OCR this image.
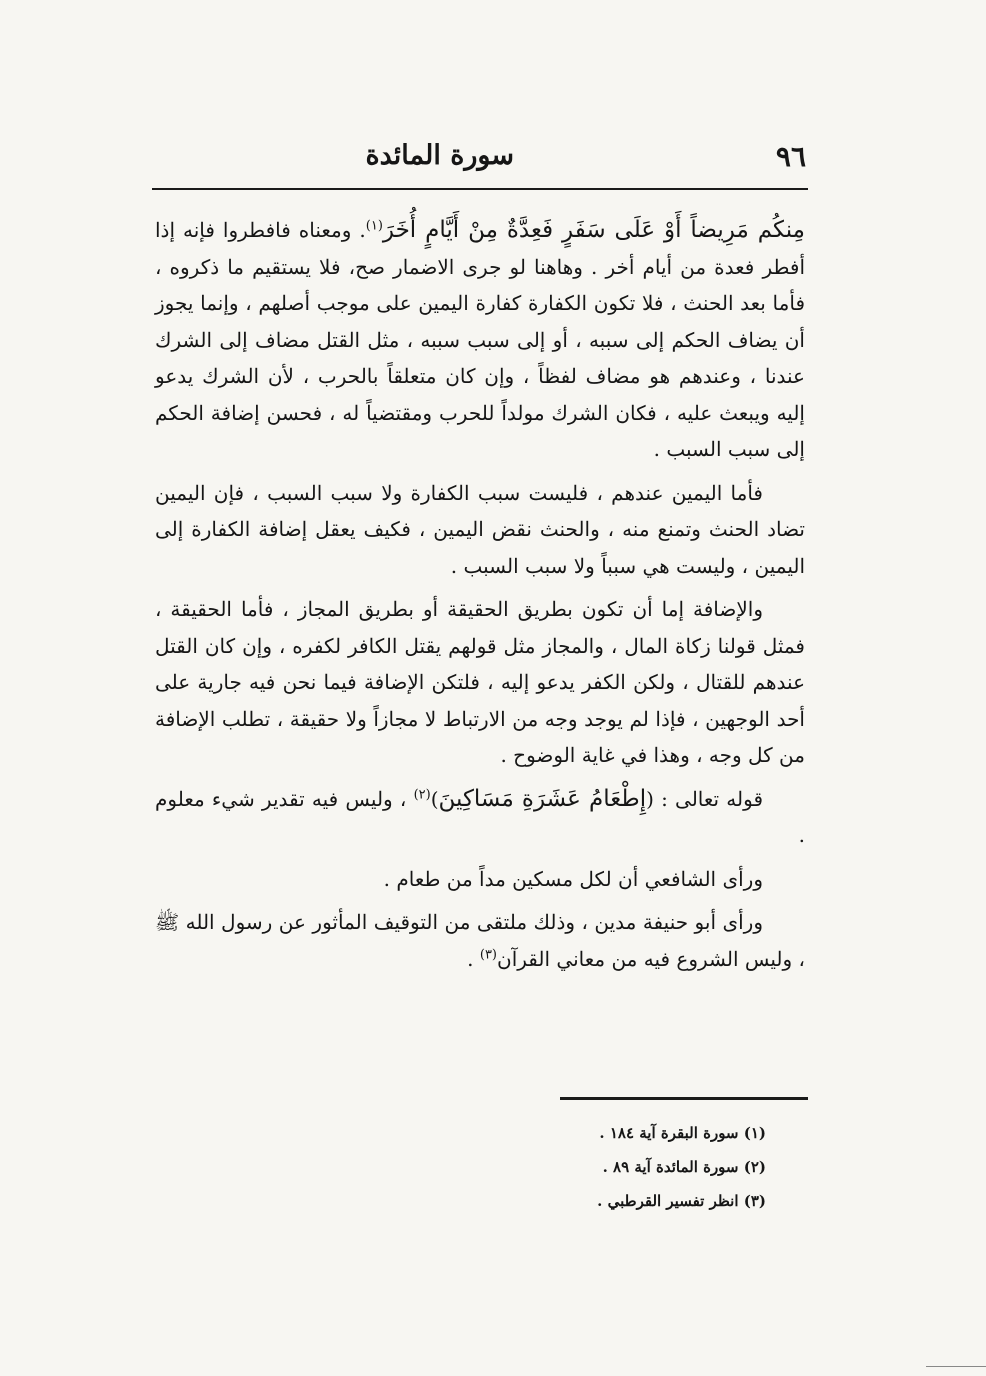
٩٦
سورة المائدة

مِنكُم مَرِيضاً أَوْ عَلَى سَفَرٍ فَعِدَّةٌ مِنْ أَيَّامٍ أُخَرَ$^{(١)}$. ومعناه فافطروا فإنه إذا أفطر فعدة من أيام أخر . وهاهنا لو جرى الاضمار صح، فلا يستقيم ما ذكروه ، فأما بعد الحنث ، فلا تكون الكفارة كفارة اليمين على موجب أصلهم ، وإنما يجوز أن يضاف الحكم إلى سببه ، أو إلى سبب سببه ، مثل القتل مضاف إلى الشرك عندنا ، وعندهم هو مضاف لفظاً ، وإن كان متعلقاً بالحرب ، لأن الشرك يدعو إليه ويبعث عليه ، فكان الشرك مولداً للحرب ومقتضياً له ، فحسن إضافة الحكم إلى سبب السبب .

فأما اليمين عندهم ، فليست سبب الكفارة ولا سبب السبب ، فإن اليمين تضاد الحنث وتمنع منه ، والحنث نقض اليمين ، فكيف يعقل إضافة الكفارة إلى اليمين ، وليست هي سبباً ولا سبب السبب .

والإضافة إما أن تكون بطريق الحقيقة أو بطريق المجاز ، فأما الحقيقة ، فمثل قولنا زكاة المال ، والمجاز مثل قولهم يقتل الكافر لكفره ، وإن كان القتل عندهم للقتال ، ولكن الكفر يدعو إليه ، فلتكن الإضافة فيما نحن فيه جارية على أحد الوجهين ، فإذا لم يوجد وجه من الارتباط لا مجازاً ولا حقيقة ، تطلب الإضافة من كل وجه ، وهذا في غاية الوضوح .

قوله تعالى : (إِطْعَامُ عَشَرَةِ مَسَاكِينَ)$^{(٢)}$ ، وليس فيه تقدير شيء معلوم .

ورأى الشافعي أن لكل مسكين مداً من طعام .

ورأى أبو حنيفة مدين ، وذلك ملتقى من التوقيف المأثور عن رسول الله ﷺ ، وليس الشروع فيه من معاني القرآن$^{(٣)}$ .

(١) سورة البقرة آية ١٨٤ .
(٢) سورة المائدة آية ٨٩ .
(٣) انظر تفسير القرطبي .
